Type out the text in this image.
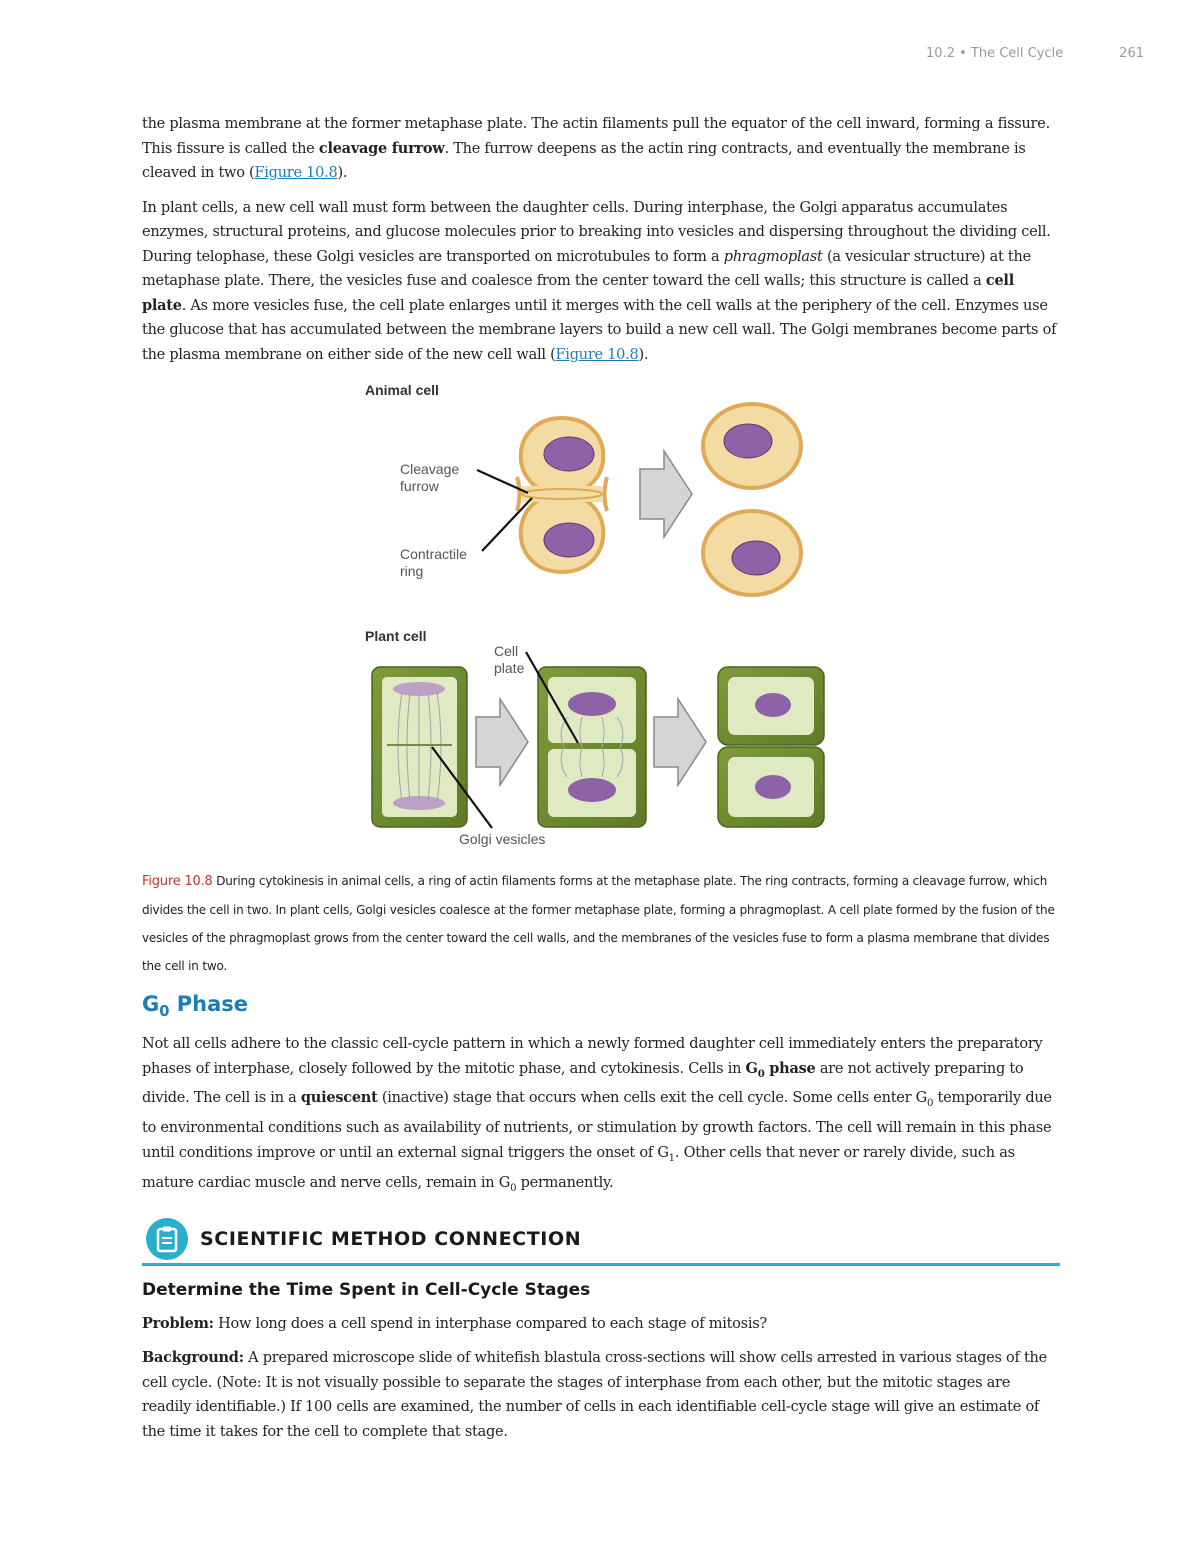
10.2 • The Cell Cycle	261

the plasma membrane at the former metaphase plate. The actin filaments pull the equator of the cell inward, forming a fissure. This fissure is called the cleavage furrow. The furrow deepens as the actin ring contracts, and eventually the membrane is cleaved in two (Figure 10.8).

In plant cells, a new cell wall must form between the daughter cells. During interphase, the Golgi apparatus accumulates enzymes, structural proteins, and glucose molecules prior to breaking into vesicles and dispersing throughout the dividing cell. During telophase, these Golgi vesicles are transported on microtubules to form a phragmoplast (a vesicular structure) at the metaphase plate. There, the vesicles fuse and coalesce from the center toward the cell walls; this structure is called a cell plate. As more vesicles fuse, the cell plate enlarges until it merges with the cell walls at the periphery of the cell. Enzymes use the glucose that has accumulated between the membrane layers to build a new cell wall. The Golgi membranes become parts of the plasma membrane on either side of the new cell wall (Figure 10.8).

Animal cell
Cleavage
furrow
Contractile
ring
Plant cell
Cell
plate
Golgi vesicles
Figure 10.8 During cytokinesis in animal cells, a ring of actin filaments forms at the metaphase plate. The ring contracts, forming a cleavage furrow, which divides the cell in two. In plant cells, Golgi vesicles coalesce at the former metaphase plate, forming a phragmoplast. A cell plate formed by the fusion of the vesicles of the phragmoplast grows from the center toward the cell walls, and the membranes of the vesicles fuse to form a plasma membrane that divides the cell in two.
$G_0$ Phase

Not all cells adhere to the classic cell-cycle pattern in which a newly formed daughter cell immediately enters the preparatory phases of interphase, closely followed by the mitotic phase, and cytokinesis. Cells in $G_0$ phase are not actively preparing to divide. The cell is in a quiescent (inactive) stage that occurs when cells exit the cell cycle. Some cells enter $G_0$ temporarily due to environmental conditions such as availability of nutrients, or stimulation by growth factors. The cell will remain in this phase until conditions improve or until an external signal triggers the onset of $G_1$. Other cells that never or rarely divide, such as mature cardiac muscle and nerve cells, remain in $G_0$ permanently.

SCIENTIFIC METHOD CONNECTION
Determine the Time Spent in Cell-Cycle Stages

Problem: How long does a cell spend in interphase compared to each stage of mitosis?

Background: A prepared microscope slide of whitefish blastula cross-sections will show cells arrested in various stages of the cell cycle. (Note: It is not visually possible to separate the stages of interphase from each other, but the mitotic stages are readily identifiable.) If 100 cells are examined, the number of cells in each identifiable cell-cycle stage will give an estimate of the time it takes for the cell to complete that stage.
